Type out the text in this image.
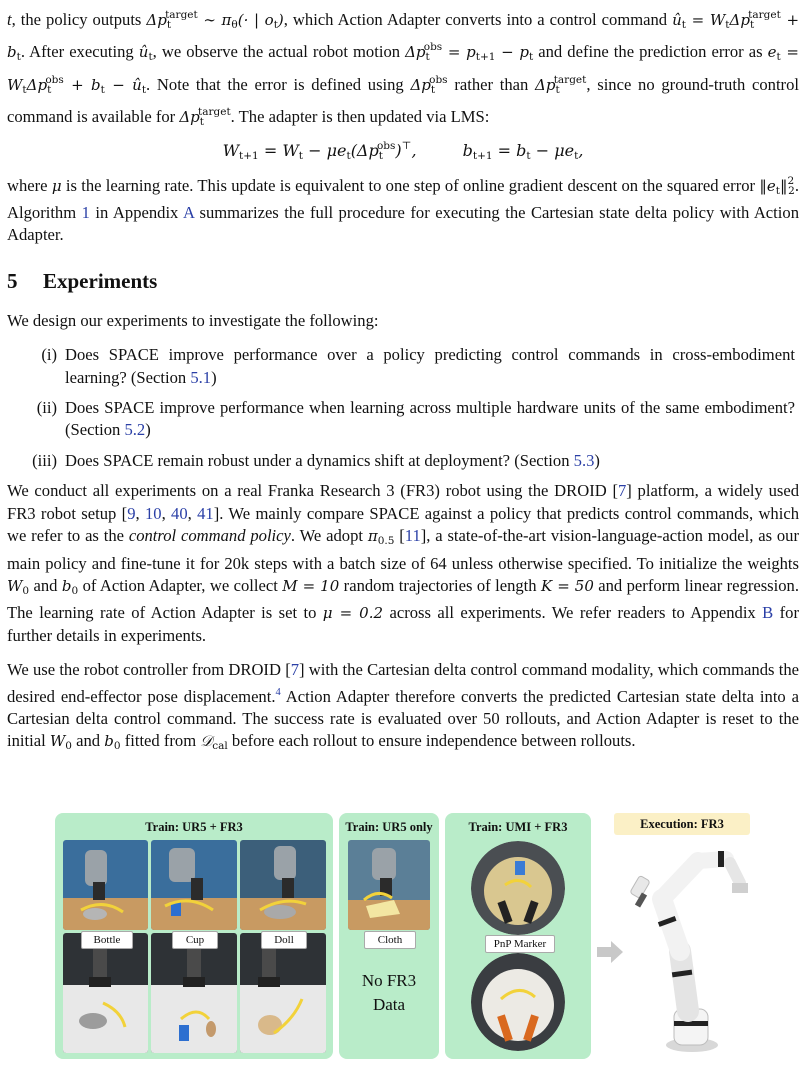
t, the policy outputs $\Delta p_t^{target}$ ∼ $\pi_\theta(\cdot$ | $o_t$), which Action Adapter converts into a control command $û_t = W_t\Delta p_t^{target} + b_t$. After executing $û_t$, we observe the actual robot motion $\Delta p_t^{obs} = p_{t+1} - p_t$ and define the prediction error as $e_t = W_t\Delta p_t^{obs} + b_t$ − $û_t$. Note that the error is defined using $\Delta p_t^{obs}$ rather than $\Delta p_t^{target}$, since no ground-truth control command is available for $\Delta p_t^{target}$. The adapter is then updated via LMS:

$W_{t+1} = W_t - \mu e_t(\Delta p_t^{obs})^⊤$,	$b_{t+1} = b_t - \mu e_t$,

where μ is the learning rate. This update is equivalent to one step of online gradient descent on the squared error $‖e_t‖^2_2$. Algorithm 1 in Appendix A summarizes the full procedure for executing the Cartesian state delta policy with Action Adapter.

5 Experiments

We design our experiments to investigate the following:

(i) Does SPACE improve performance over a policy predicting control commands in cross-embodiment learning? (Section 5.1)
(ii) Does SPACE improve performance when learning across multiple hardware units of the same embodiment? (Section 5.2)
(iii) Does SPACE remain robust under a dynamics shift at deployment? (Section 5.3)

We conduct all experiments on a real Franka Research 3 (FR3) robot using the DROID [7] platform, a widely used FR3 robot setup [9, 10, 40, 41]. We mainly compare SPACE against a policy that predicts control commands, which we refer to as the control command policy. We adopt $\pi_{0.5}$ [11], a state-of-the-art vision-language-action model, as our main policy and fine-tune it for 20k steps with a batch size of 64 unless otherwise specified. To initialize the weights $W_0$ and $b_0$ of Action Adapter, we collect M = 10 random trajectories of length K = 50 and perform linear regression. The learning rate of Action Adapter is set to μ = 0.2 across all experiments. We refer readers to Appendix B for further details in experiments.

We use the robot controller from DROID [7] with the Cartesian delta control command modality, which commands the desired end-effector pose displacement.$^4$ Action Adapter therefore converts the predicted Cartesian state delta into a Cartesian delta control command. The success rate is evaluated over 50 rollouts, and Action Adapter is reset to the initial $W_0$ and $b_0$ fitted from 𝒟$_{cal}$ before each rollout to ensure independence between rollouts.

Train: UR5 + FR3
Bottle	Cup	Doll
Train: UR5 only
Cloth
No FR3
Data
Train: UMI + FR3
PnP Marker
Execution: FR3
